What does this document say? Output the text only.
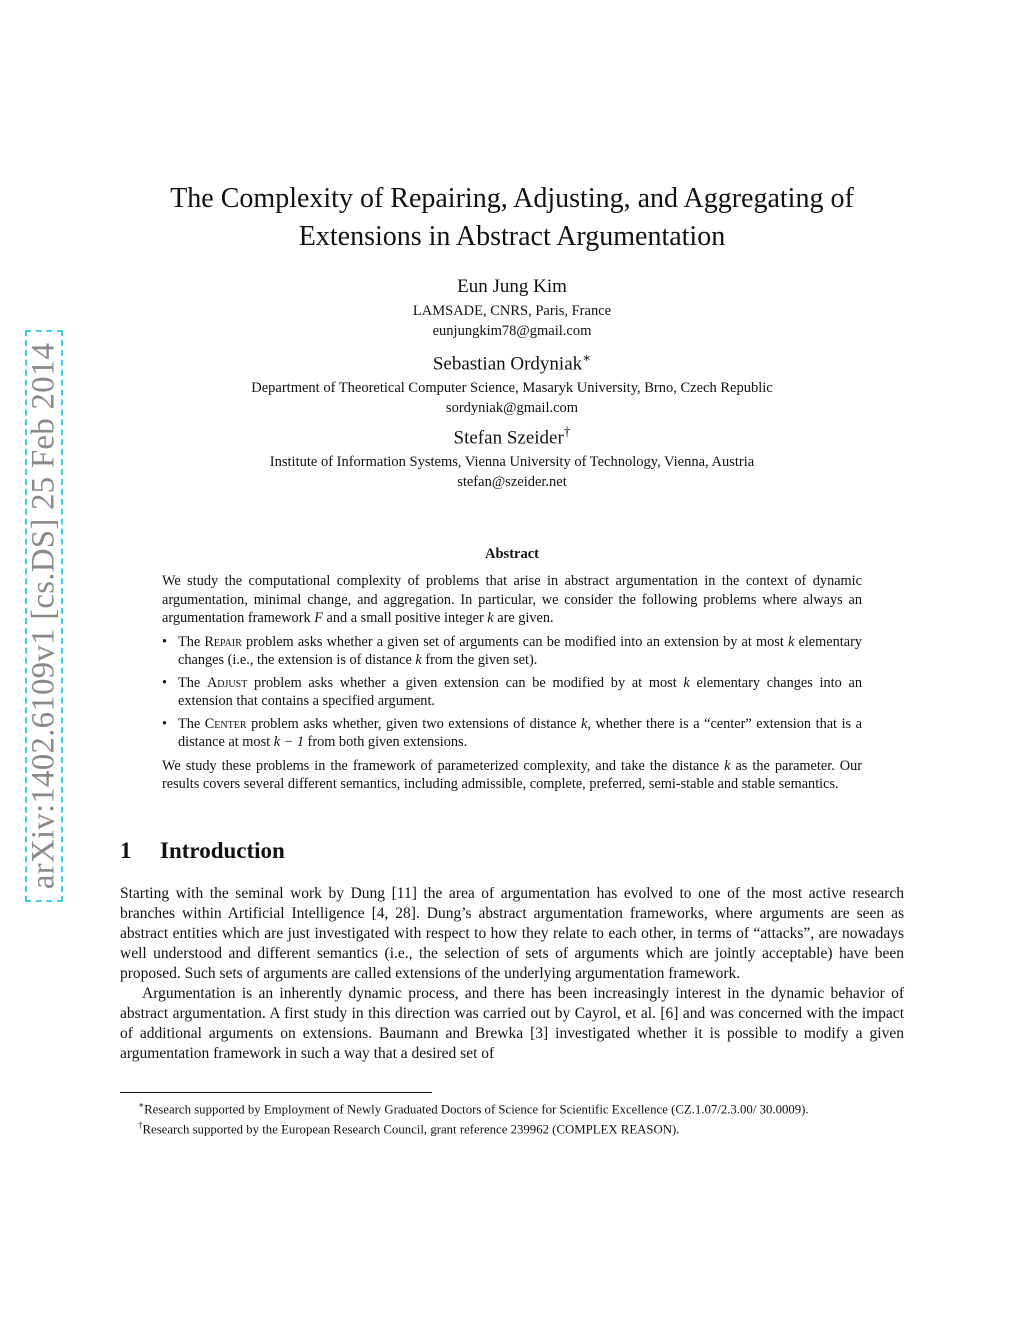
arXiv:1402.6109v1 [cs.DS] 25 Feb 2014
The Complexity of Repairing, Adjusting, and Aggregating of
Extensions in Abstract Argumentation
Eun Jung Kim
LAMSADE, CNRS, Paris, France
eunjungkim78@gmail.com
Sebastian Ordyniak∗
Department of Theoretical Computer Science, Masaryk University, Brno, Czech Republic
sordyniak@gmail.com
Stefan Szeider†
Institute of Information Systems, Vienna University of Technology, Vienna, Austria
stefan@szeider.net
Abstract

We study the computational complexity of problems that arise in abstract argumentation in the context of dynamic argumentation, minimal change, and aggregation. In particular, we consider the following problems where always an argumentation framework F and a small positive integer k are given.

• The Repair problem asks whether a given set of arguments can be modified into an extension by at most k elementary changes (i.e., the extension is of distance k from the given set).
• The Adjust problem asks whether a given extension can be modified by at most k elementary changes into an extension that contains a specified argument.
• The Center problem asks whether, given two extensions of distance k, whether there is a “center” extension that is a distance at most k − 1 from both given extensions.

We study these problems in the framework of parameterized complexity, and take the distance k as the parameter. Our results covers several different semantics, including admissible, complete, preferred, semi-stable and stable semantics.

1 Introduction

Starting with the seminal work by Dung [11] the area of argumentation has evolved to one of the most active research branches within Artificial Intelligence [4, 28]. Dung’s abstract argumentation frameworks, where arguments are seen as abstract entities which are just investigated with respect to how they relate to each other, in terms of “attacks”, are nowadays well understood and different semantics (i.e., the selection of sets of arguments which are jointly acceptable) have been proposed. Such sets of arguments are called extensions of the underlying argumentation framework.

Argumentation is an inherently dynamic process, and there has been increasingly interest in the dynamic behavior of abstract argumentation. A first study in this direction was carried out by Cayrol, et al. [6] and was concerned with the impact of additional arguments on extensions. Baumann and Brewka [3] investigated whether it is possible to modify a given argumentation framework in such a way that a desired set of

∗Research supported by Employment of Newly Graduated Doctors of Science for Scientific Excellence (CZ.1.07/2.3.00/ 30.0009).

†Research supported by the European Research Council, grant reference 239962 (COMPLEX REASON).
